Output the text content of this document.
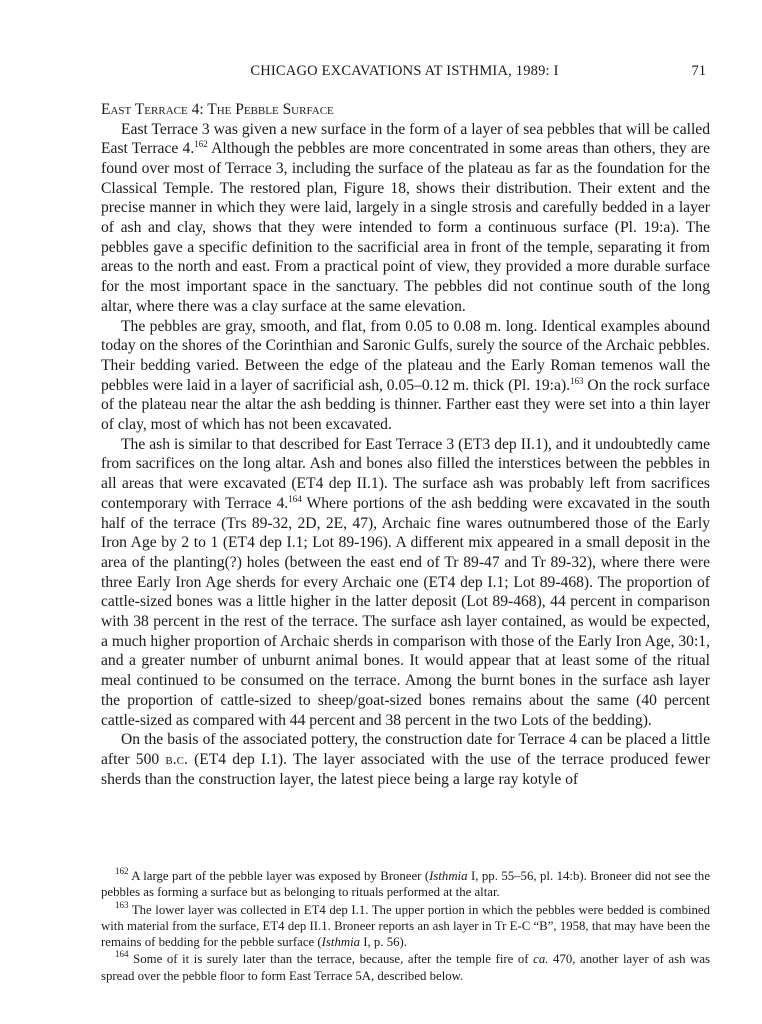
CHICAGO EXCAVATIONS AT ISTHMIA, 1989: I	71
East Terrace 4: The Pebble Surface

East Terrace 3 was given a new surface in the form of a layer of sea pebbles that will be called East Terrace 4.$^{162}$ Although the pebbles are more concentrated in some areas than others, they are found over most of Terrace 3, including the surface of the plateau as far as the foundation for the Classical Temple. The restored plan, Figure 18, shows their distribution. Their extent and the precise manner in which they were laid, largely in a single strosis and carefully bedded in a layer of ash and clay, shows that they were intended to form a continuous surface (Pl. 19:a). The pebbles gave a specific definition to the sacrificial area in front of the temple, separating it from areas to the north and east. From a practical point of view, they provided a more durable surface for the most important space in the sanctuary. The pebbles did not continue south of the long altar, where there was a clay surface at the same elevation.

The pebbles are gray, smooth, and flat, from 0.05 to 0.08 m. long. Identical examples abound today on the shores of the Corinthian and Saronic Gulfs, surely the source of the Archaic pebbles. Their bedding varied. Between the edge of the plateau and the Early Roman temenos wall the pebbles were laid in a layer of sacrificial ash, 0.05–0.12 m. thick (Pl. 19:a).$^{163}$ On the rock surface of the plateau near the altar the ash bedding is thinner. Farther east they were set into a thin layer of clay, most of which has not been excavated.

The ash is similar to that described for East Terrace 3 (ET3 dep II.1), and it undoubtedly came from sacrifices on the long altar. Ash and bones also filled the interstices between the pebbles in all areas that were excavated (ET4 dep II.1). The surface ash was probably left from sacrifices contemporary with Terrace 4.$^{164}$ Where portions of the ash bedding were excavated in the south half of the terrace (Trs 89-32, 2D, 2E, 47), Archaic fine wares outnumbered those of the Early Iron Age by 2 to 1 (ET4 dep I.1; Lot 89-196). A different mix appeared in a small deposit in the area of the planting(?) holes (between the east end of Tr 89-47 and Tr 89-32), where there were three Early Iron Age sherds for every Archaic one (ET4 dep I.1; Lot 89-468). The proportion of cattle-sized bones was a little higher in the latter deposit (Lot 89-468), 44 percent in comparison with 38 percent in the rest of the terrace. The surface ash layer contained, as would be expected, a much higher proportion of Archaic sherds in comparison with those of the Early Iron Age, 30:1, and a greater number of unburnt animal bones. It would appear that at least some of the ritual meal continued to be consumed on the terrace. Among the burnt bones in the surface ash layer the proportion of cattle-sized to sheep/goat-sized bones remains about the same (40 percent cattle-sized as compared with 44 percent and 38 percent in the two Lots of the bedding).

On the basis of the associated pottery, the construction date for Terrace 4 can be placed a little after 500 b.c. (ET4 dep I.1). The layer associated with the use of the terrace produced fewer sherds than the construction layer, the latest piece being a large ray kotyle of

$^{162}$ A large part of the pebble layer was exposed by Broneer (Isthmia I, pp. 55–56, pl. 14:b). Broneer did not see the pebbles as forming a surface but as belonging to rituals performed at the altar.

$^{163}$ The lower layer was collected in ET4 dep I.1. The upper portion in which the pebbles were bedded is combined with material from the surface, ET4 dep II.1. Broneer reports an ash layer in Tr E-C “B”, 1958, that may have been the remains of bedding for the pebble surface (Isthmia I, p. 56).

$^{164}$ Some of it is surely later than the terrace, because, after the temple fire of ca. 470, another layer of ash was spread over the pebble floor to form East Terrace 5A, described below.
